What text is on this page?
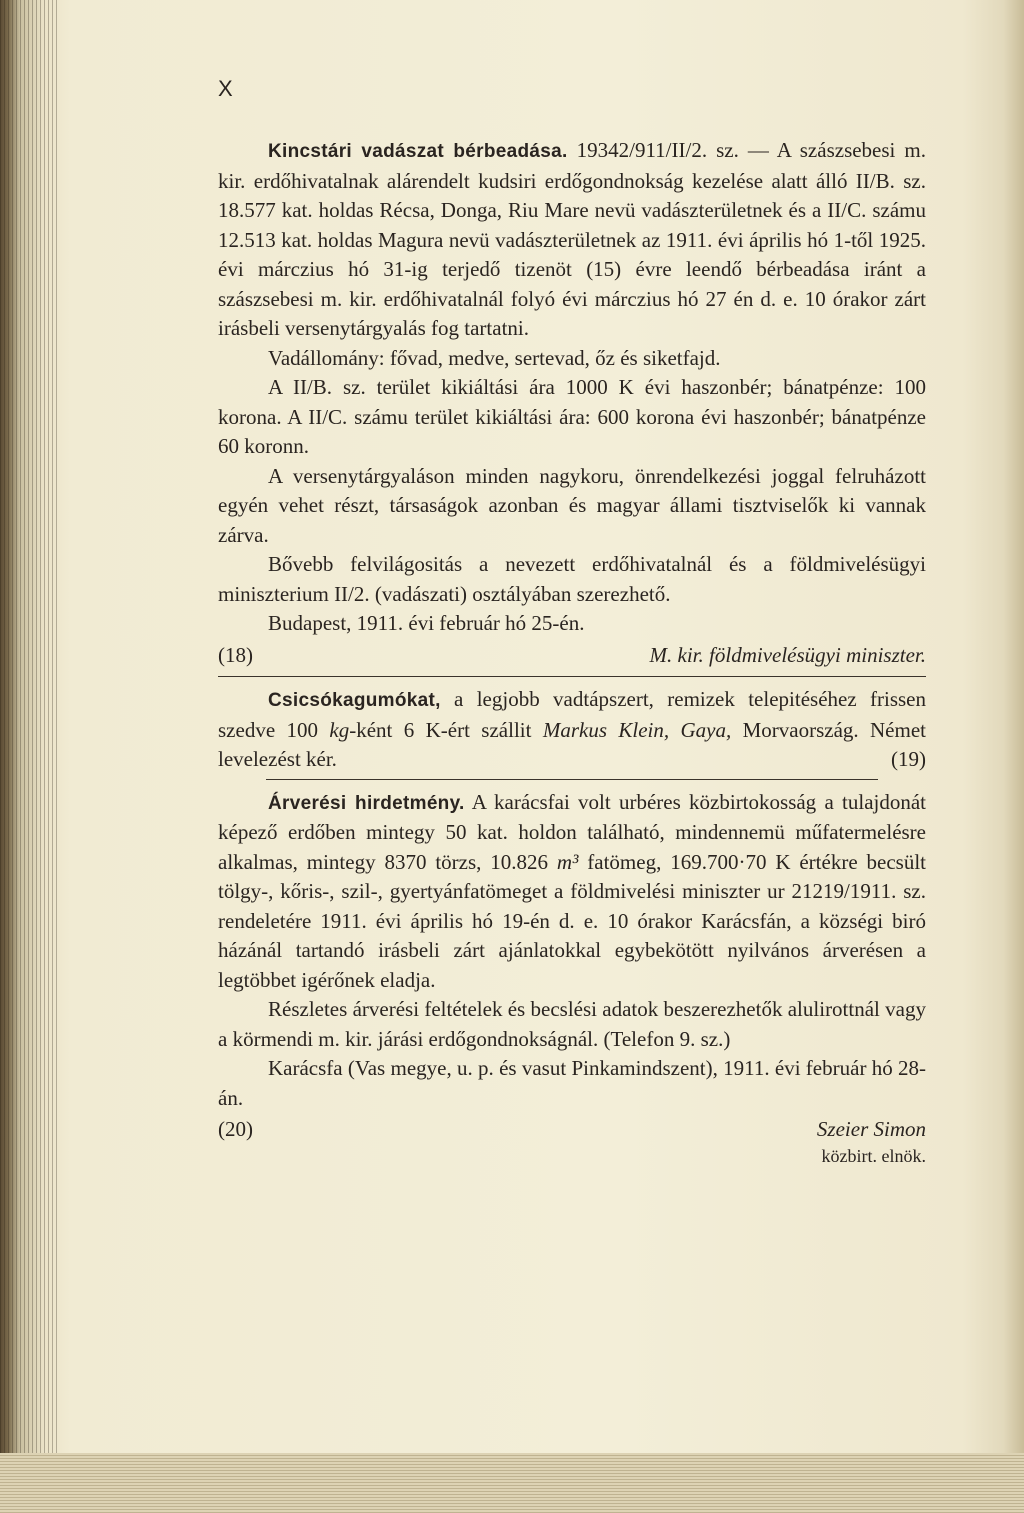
X

Kincstári vadászat bérbeadása. 19342/911/II/2. sz. — A szászsebesi m. kir. erdőhivatalnak alárendelt kudsiri erdőgondnokság kezelése alatt álló II/B. sz. 18.577 kat. holdas Récsa, Donga, Riu Mare nevü vadászterületnek és a II/C. számu 12.513 kat. holdas Magura nevü vadászterületnek az 1911. évi április hó 1-től 1925. évi márczius hó 31-ig terjedő tizenöt (15) évre leendő bérbeadása iránt a szászsebesi m. kir. erdőhivatalnál folyó évi márczius hó 27 én d. e. 10 órakor zárt irásbeli versenytárgyalás fog tartatni.

Vadállomány: fővad, medve, sertevad, őz és siketfajd.

A II/B. sz. terület kikiáltási ára 1000 K évi haszonbér; bánatpénze: 100 korona. A II/C. számu terület kikiáltási ára: 600 korona évi haszonbér; bánatpénze 60 koronn.

A versenytárgyaláson minden nagykoru, önrendelkezési joggal felruházott egyén vehet részt, társaságok azonban és magyar állami tisztviselők ki vannak zárva.

Bővebb felvilágositás a nevezett erdőhivatalnál és a földmivelésügyi miniszterium II/2. (vadászati) osztályában szerezhető.

Budapest, 1911. évi február hó 25-én.

(18)	M. kir. földmivelésügyi miniszter.

Csicsókagumókat, a legjobb vadtápszert, remizek telepitéséhez frissen szedve 100 kg-ként 6 K-ért szállit Markus Klein, Gaya, Morvaország. Német levelezést kér.	(19)

Árverési hirdetmény. A karácsfai volt urbéres közbirtokosság a tulajdonát képező erdőben mintegy 50 kat. holdon található, mindennemü műfatermelésre alkalmas, mintegy 8370 törzs, 10.826 m³ fatömeg, 169.700·70 K értékre becsült tölgy-, kőris-, szil-, gyertyánfatömeget a földmivelési miniszter ur 21219/1911. sz. rendeletére 1911. évi április hó 19-én d. e. 10 órakor Karácsfán, a községi biró házánál tartandó irásbeli zárt ajánlatokkal egybekötött nyilvános árverésen a legtöbbet igérőnek eladja.

Részletes árverési feltételek és becslési adatok beszerezhetők alulirottnál vagy a körmendi m. kir. járási erdőgondnokságnál. (Telefon 9. sz.)

Karácsfa (Vas megye, u. p. és vasut Pinkamindszent), 1911. évi február hó 28-án.

(20)	Szeier Simon
közbirt. elnök.
